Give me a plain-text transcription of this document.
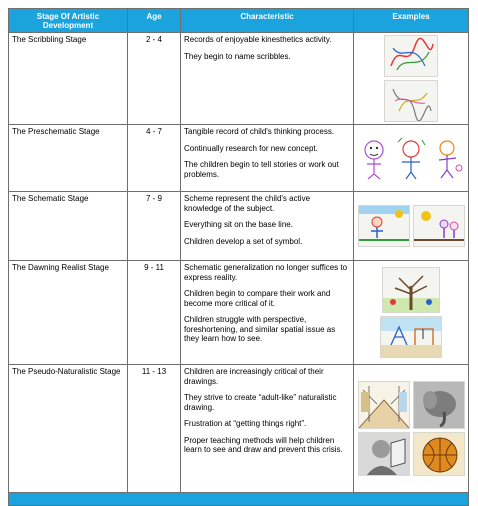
Stage Of Artistic Development	Age	Characteristic	Examples
The Scribbling Stage	2 - 4	Records of enjoyable kinesthetics activity.

They begin to name scribbles.

The Preschematic Stage	4 - 7	Tangible record of child's thinking process.

Continually research for new concept.

The children begin to tell stories or work out problems.

The Schematic Stage	7 - 9	Scheme represent the child's active knowledge of the subject.

Everything sit on the base line.

Children develop a set of symbol.

The Dawning Realist Stage	9 - 11	Schematic generalization no longer suffices to express reality.

Children begin to compare their work and become more critical of it.

Children struggle with perspective, foreshortening, and similar spatial issue as they learn how to see.

The Pseudo-Naturalistic Stage	11 - 13	Children are increasingly critical of their drawings.

They strive to create “adult-like” naturalistic drawing.

Frustration at “getting things right”.

Proper teaching methods will help children learn to see and draw and prevent this crisis.
